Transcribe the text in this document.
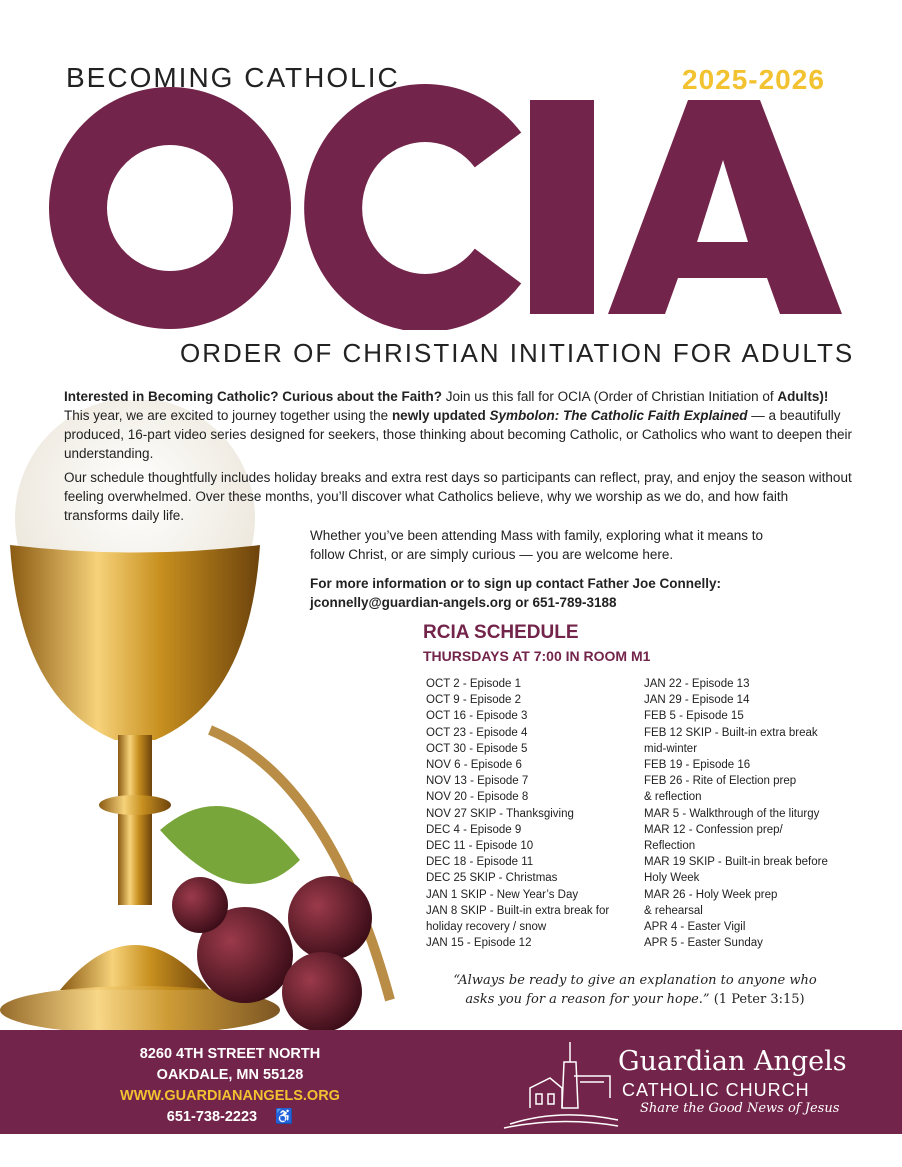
BECOMING CATHOLIC	2025-2026
ORDER OF CHRISTIAN INITIATION FOR ADULTS
Interested in Becoming Catholic? Curious about the Faith? Join us this fall for OCIA (Order of Christian Initiation of Adults)! This year, we are excited to journey together using the newly updated Symbolon: The Catholic Faith Explained — a beautifully produced, 16-part video series designed for seekers, those thinking about becoming Catholic, or Catholics who want to deepen their understanding.
Our schedule thoughtfully includes holiday breaks and extra rest days so participants can reflect, pray, and enjoy the season without feeling overwhelmed. Over these months, you’ll discover what Catholics believe, why we worship as we do, and how faith transforms daily life.
Whether you’ve been attending Mass with family, exploring what it means to follow Christ, or are simply curious — you are welcome here.
For more information or to sign up contact Father Joe Connelly:
jconnelly@guardian-angels.org or 651-789-3188
RCIA SCHEDULE
THURSDAYS AT 7:00 IN ROOM M1
OCT 2 - Episode 1
OCT 9 - Episode 2
OCT 16 - Episode 3
OCT 23 - Episode 4
OCT 30 - Episode 5
NOV 6 - Episode 6
NOV 13 - Episode 7
NOV 20 - Episode 8
NOV 27 SKIP - Thanksgiving
DEC 4 - Episode 9
DEC 11 - Episode 10
DEC 18 - Episode 11
DEC 25 SKIP - Christmas
JAN 1 SKIP - New Year’s Day
JAN 8 SKIP - Built-in extra break for
holiday recovery / snow
JAN 15 - Episode 12
JAN 22 - Episode 13
JAN 29 - Episode 14
FEB 5 - Episode 15
FEB 12 SKIP - Built-in extra break
mid-winter
FEB 19 - Episode 16
FEB 26 - Rite of Election prep
& reflection
MAR 5 - Walkthrough of the liturgy
MAR 12 - Confession prep/
Reflection
MAR 19 SKIP - Built-in break before
Holy Week
MAR 26 - Holy Week prep
& rehearsal
APR 4 - Easter Vigil
APR 5 - Easter Sunday
“Always be ready to give an explanation to anyone who
asks you for a reason for your hope.” (1 Peter 3:15)
8260 4TH STREET NORTH
OAKDALE, MN 55128
WWW.GUARDIANANGELS.ORG
651-738-2223 ♿
Guardian Angels
CATHOLIC CHURCH
Share the Good News of Jesus
